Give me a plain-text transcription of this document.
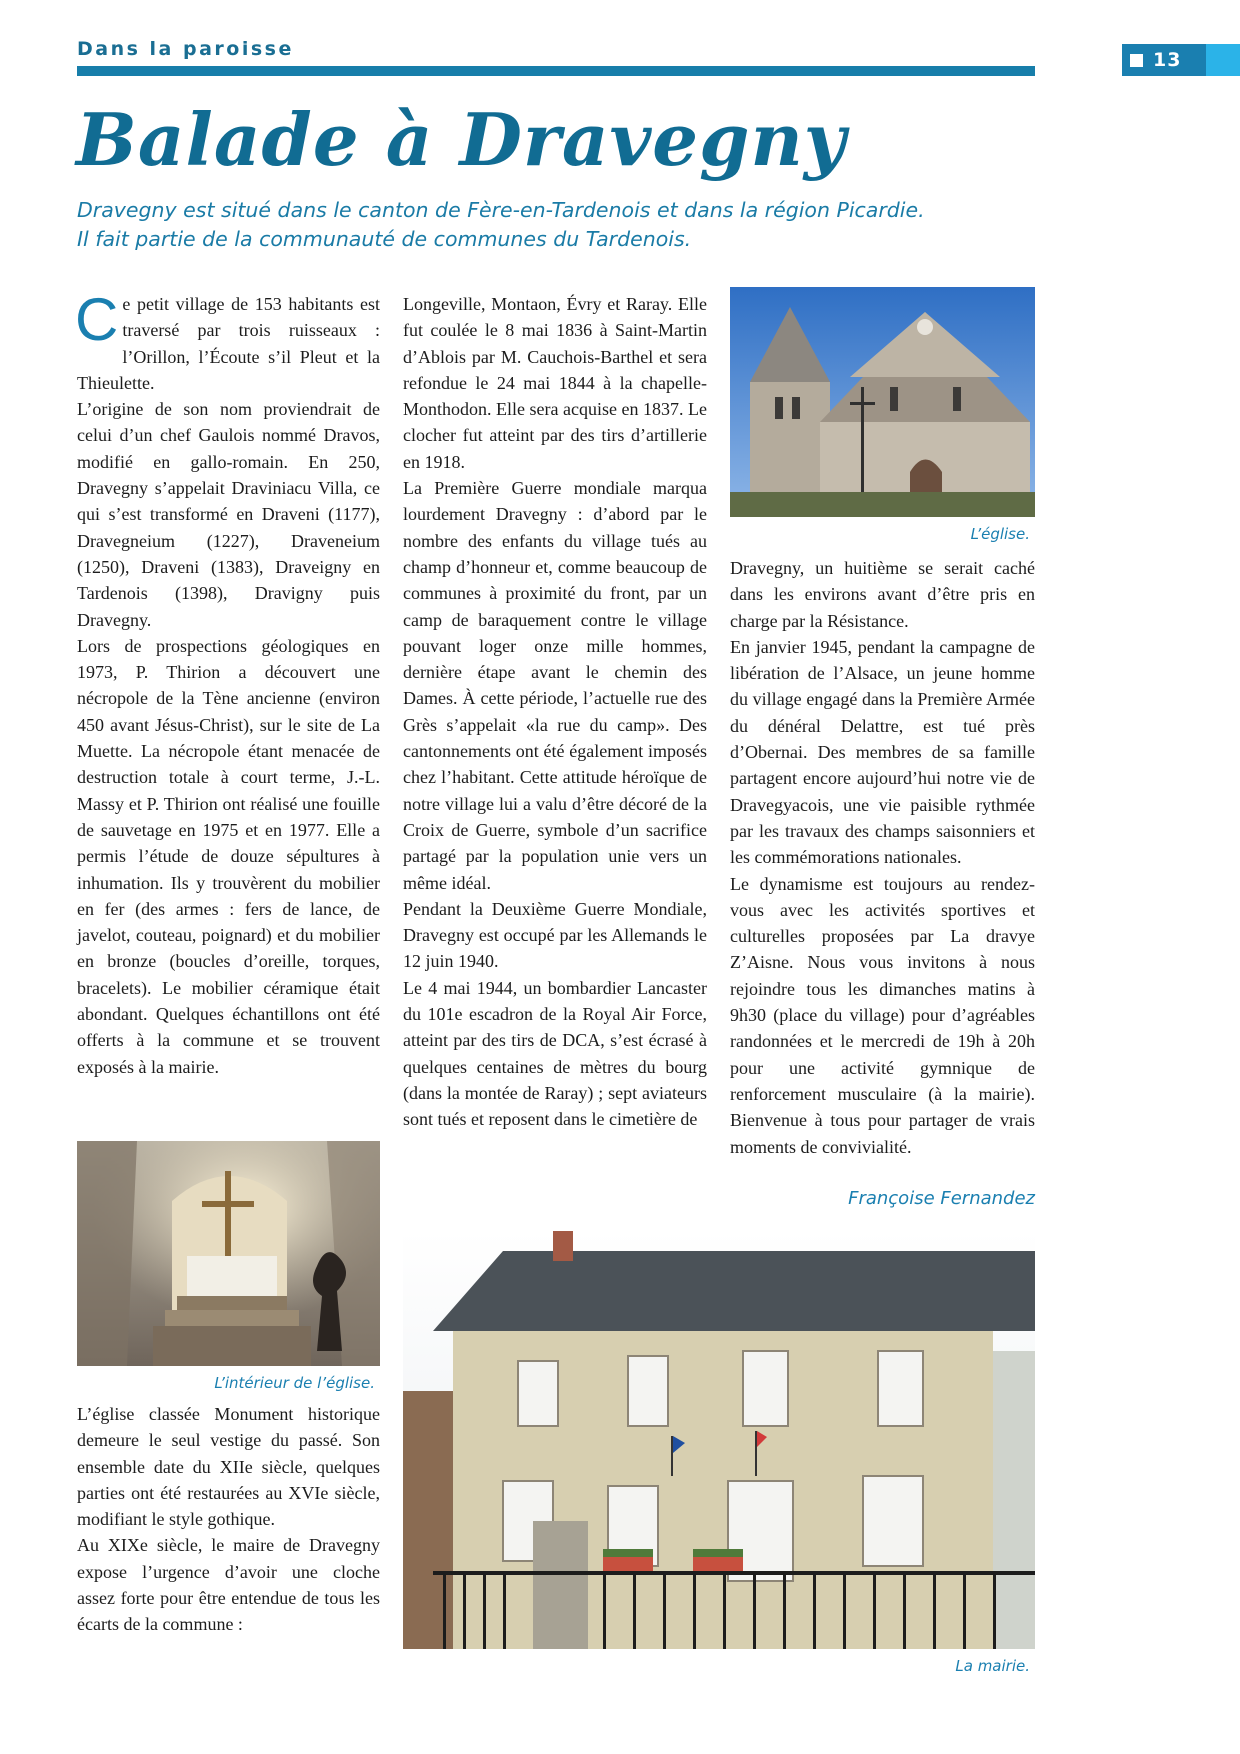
Dans la paroisse	13
Balade à Dravegny

Dravegny est situé dans le canton de Fère-en-Tardenois et dans la région Picardie.

Il fait partie de la communauté de communes du Tardenois.

Ce petit village de 153 habitants est traversé par trois ruisseaux : l’Orillon, l’Écoute s’il Pleut et la Thieulette.

L’origine de son nom proviendrait de celui d’un chef Gaulois nommé Dravos, modifié en gallo-romain. En 250, Dravegny s’appelait Draviniacu Villa, ce qui s’est transformé en Draveni (1177), Dravegneium (1227), Draveneium (1250), Draveni (1383), Draveigny en Tardenois (1398), Dravigny puis Dravegny.

Lors de prospections géologiques en 1973, P. Thirion a découvert une nécropole de la Tène ancienne (environ 450 avant Jésus-Christ), sur le site de La Muette. La nécropole étant menacée de destruction totale à court terme, J.-L. Massy et P. Thirion ont réalisé une fouille de sauvetage en 1975 et en 1977. Elle a permis l’étude de douze sépultures à inhumation. Ils y trouvèrent du mobilier en fer (des armes : fers de lance, de javelot, couteau, poignard) et du mobilier en bronze (boucles d’oreille, torques, bracelets). Le mobilier céramique était abondant. Quelques échantillons ont été offerts à la commune et se trouvent exposés à la mairie.

L’intérieur de l’église.

L’église classée Monument historique demeure le seul vestige du passé. Son ensemble date du XIIe siècle, quelques parties ont été restaurées au XVIe siècle, modifiant le style gothique.

Au XIXe siècle, le maire de Dravegny expose l’urgence d’avoir une cloche assez forte pour être entendue de tous les écarts de la commune :

Longeville, Montaon, Évry et Raray. Elle fut coulée le 8 mai 1836 à Saint-Martin d’Ablois par M. Cauchois-Barthel et sera refondue le 24 mai 1844 à la chapelle-Monthodon. Elle sera acquise en 1837. Le clocher fut atteint par des tirs d’artillerie en 1918.

La Première Guerre mondiale marqua lourdement Dravegny : d’abord par le nombre des enfants du village tués au champ d’honneur et, comme beaucoup de communes à proximité du front, par un camp de baraquement contre le village pouvant loger onze mille hommes, dernière étape avant le chemin des Dames. À cette période, l’actuelle rue des Grès s’appelait «la rue du camp». Des cantonnements ont été également imposés chez l’habitant. Cette attitude héroïque de notre village lui a valu d’être décoré de la Croix de Guerre, symbole d’un sacrifice partagé par la population unie vers un même idéal.

Pendant la Deuxième Guerre Mondiale, Dravegny est occupé par les Allemands le 12 juin 1940.

Le 4 mai 1944, un bombardier Lancaster du 101e escadron de la Royal Air Force, atteint par des tirs de DCA, s’est écrasé à quelques centaines de mètres du bourg (dans la montée de Raray) ; sept aviateurs sont tués et reposent dans le cimetière de

L’église.

Dravegny, un huitième se serait caché dans les environs avant d’être pris en charge par la Résistance.

En janvier 1945, pendant la campagne de libération de l’Alsace, un jeune homme du village engagé dans la Première Armée du dénéral Delattre, est tué près d’Obernai. Des membres de sa famille partagent encore aujourd’hui notre vie de Dravegyacois, une vie paisible rythmée par les travaux des champs saisonniers et les commémorations nationales.

Le dynamisme est toujours au rendez-vous avec les activités sportives et culturelles proposées par La dravye Z’Aisne. Nous vous invitons à nous rejoindre tous les dimanches matins à 9h30 (place du village) pour d’agréables randonnées et le mercredi de 19h à 20h pour une activité gymnique de renforcement musculaire (à la mairie). Bienvenue à tous pour partager de vrais moments de convivialité.

Françoise Fernandez
La mairie.
